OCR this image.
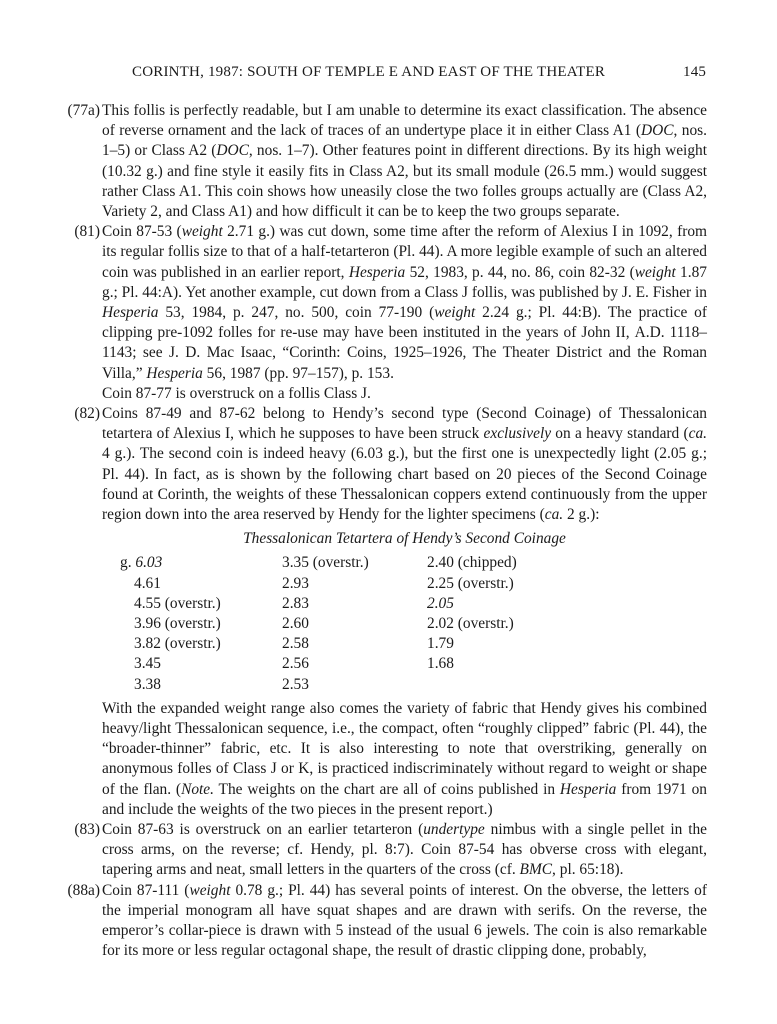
CORINTH, 1987: SOUTH OF TEMPLE E AND EAST OF THE THEATER	145
(77a) This follis is perfectly readable, but I am unable to determine its exact classification. The absence of reverse ornament and the lack of traces of an undertype place it in either Class A1 (DOC, nos. 1–5) or Class A2 (DOC, nos. 1–7). Other features point in different directions. By its high weight (10.32 g.) and fine style it easily fits in Class A2, but its small module (26.5 mm.) would suggest rather Class A1. This coin shows how uneasily close the two folles groups actually are (Class A2, Variety 2, and Class A1) and how difficult it can be to keep the two groups separate.

(81) Coin 87-53 (weight 2.71 g.) was cut down, some time after the reform of Alexius I in 1092, from its regular follis size to that of a half-tetarteron (Pl. 44). A more legible example of such an altered coin was published in an earlier report, Hesperia 52, 1983, p. 44, no. 86, coin 82-32 (weight 1.87 g.; Pl. 44:A). Yet another example, cut down from a Class J follis, was published by J. E. Fisher in Hesperia 53, 1984, p. 247, no. 500, coin 77-190 (weight 2.24 g.; Pl. 44:B). The practice of clipping pre-1092 folles for re-use may have been instituted in the years of John II, A.D. 1118–1143; see J. D. Mac Isaac, “Corinth: Coins, 1925–1926, The Theater District and the Roman Villa,” Hesperia 56, 1987 (pp. 97–157), p. 153.

Coin 87-77 is overstruck on a follis Class J.

(82) Coins 87-49 and 87-62 belong to Hendy’s second type (Second Coinage) of Thessalonican tetartera of Alexius I, which he supposes to have been struck exclusively on a heavy standard (ca. 4 g.). The second coin is indeed heavy (6.03 g.), but the first one is unexpectedly light (2.05 g.; Pl. 44). In fact, as is shown by the following chart based on 20 pieces of the Second Coinage found at Corinth, the weights of these Thessalonican coppers extend continuously from the upper region down into the area reserved by Hendy for the lighter specimens (ca. 2 g.):

Thessalonican Tetartera of Hendy’s Second Coinage
g. 6.03
4.61
4.55 (overstr.)
3.96 (overstr.)
3.82 (overstr.)
3.45
3.38
3.35 (overstr.)
2.93
2.83
2.60
2.58
2.56
2.53
2.40 (chipped)
2.25 (overstr.)
2.05
2.02 (overstr.)
1.79
1.68

With the expanded weight range also comes the variety of fabric that Hendy gives his combined heavy/light Thessalonican sequence, i.e., the compact, often “roughly clipped” fabric (Pl. 44), the “broader-thinner” fabric, etc. It is also interesting to note that overstriking, generally on anonymous folles of Class J or K, is practiced indiscriminately without regard to weight or shape of the flan. (Note. The weights on the chart are all of coins published in Hesperia from 1971 on and include the weights of the two pieces in the present report.)

(83) Coin 87-63 is overstruck on an earlier tetarteron (undertype nimbus with a single pellet in the cross arms, on the reverse; cf. Hendy, pl. 8:7). Coin 87-54 has obverse cross with elegant, tapering arms and neat, small letters in the quarters of the cross (cf. BMC, pl. 65:18).

(88a) Coin 87-111 (weight 0.78 g.; Pl. 44) has several points of interest. On the obverse, the letters of the imperial monogram all have squat shapes and are drawn with serifs. On the reverse, the emperor’s collar-piece is drawn with 5 instead of the usual 6 jewels. The coin is also remarkable for its more or less regular octagonal shape, the result of drastic clipping done, probably,
